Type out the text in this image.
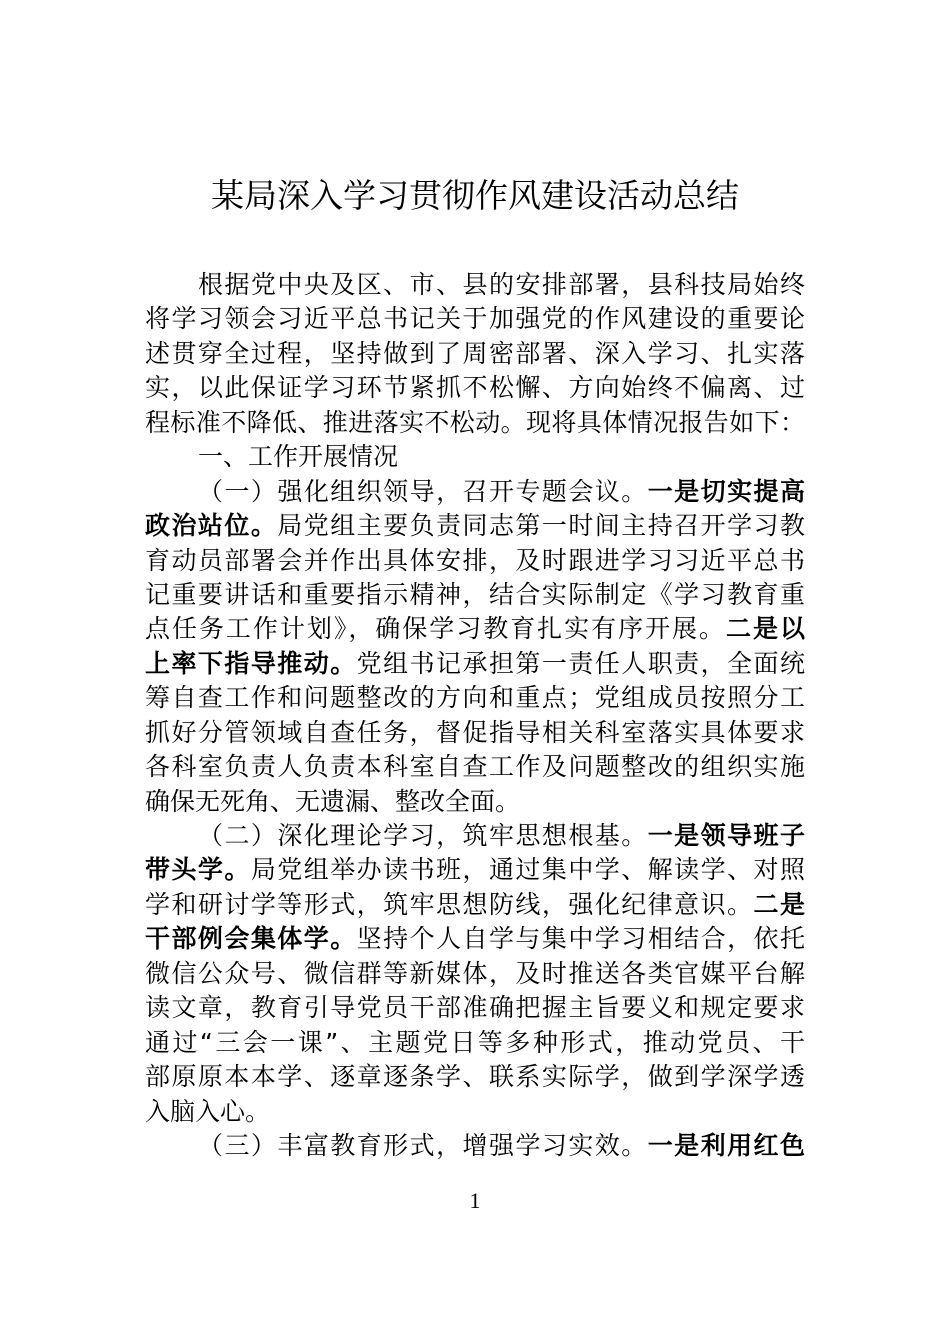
某局深入学习贯彻作风建设活动总结
根据党中央及区、市、县的安排部署，县科技局始终
将学习领会习近平总书记关于加强党的作风建设的重要论
述贯穿全过程，坚持做到了周密部署、深入学习、扎实落
实，以此保证学习环节紧抓不松懈、方向始终不偏离、过
程标准不降低、推进落实不松动。现将具体情况报告如下：
一、工作开展情况
（一）强化组织领导，召开专题会议。一是切实提高
政治站位。局党组主要负责同志第一时间主持召开学习教
育动员部署会并作出具体安排，及时跟进学习习近平总书
记重要讲话和重要指示精神，结合实际制定《学习教育重
点任务工作计划》，确保学习教育扎实有序开展。二是以
上率下指导推动。党组书记承担第一责任人职责，全面统
筹自查工作和问题整改的方向和重点；党组成员按照分工
抓好分管领域自查任务，督促指导相关科室落实具体要求
各科室负责人负责本科室自查工作及问题整改的组织实施
确保无死角、无遗漏、整改全面。
（二）深化理论学习，筑牢思想根基。一是领导班子
带头学。局党组举办读书班，通过集中学、解读学、对照
学和研讨学等形式，筑牢思想防线，强化纪律意识。二是
干部例会集体学。坚持个人自学与集中学习相结合，依托
微信公众号、微信群等新媒体，及时推送各类官媒平台解
读文章，教育引导党员干部准确把握主旨要义和规定要求
通过“三会一课”、主题党日等多种形式，推动党员、干
部原原本本学、逐章逐条学、联系实际学，做到学深学透
入脑入心。
（三）丰富教育形式，增强学习实效。一是利用红色
1
